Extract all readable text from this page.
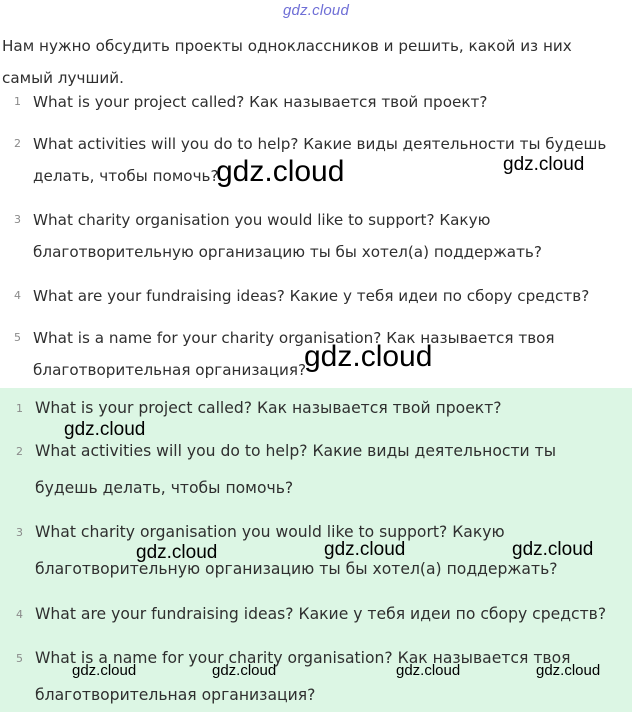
gdz.cloud
Нам нужно обсудить проекты одноклассников и решить, какой из них самый лучший.
1 What is your project called? Как называется твой проект?
2 What activities will you do to help? Какие виды деятельности ты будешь делать, чтобы помочь?
3 What charity organisation you would like to support? Какую благотворительную организацию ты бы хотел(а) поддержать?
4 What are your fundraising ideas? Какие у тебя идеи по сбору средств?
5 What is a name for your charity organisation? Как называется твоя благотворительная организация?
1 What is your project called? Как называется твой проект?
2 What activities will you do to help? Какие виды деятельности ты будешь делать, чтобы помочь?
3 What charity organisation you would like to support? Какую благотворительную организацию ты бы хотел(а) поддержать?
4 What are your fundraising ideas? Какие у тебя идеи по сбору средств?
5 What is a name for your charity organisation? Как называется твоя благотворительная организация?
gdz.cloud	gdz.cloud
gdz.cloud
gdz.cloud
gdz.cloud	gdz.cloud	gdz.cloud
gdz.cloud	gdz.cloud	gdz.cloud	gdz.cloud
